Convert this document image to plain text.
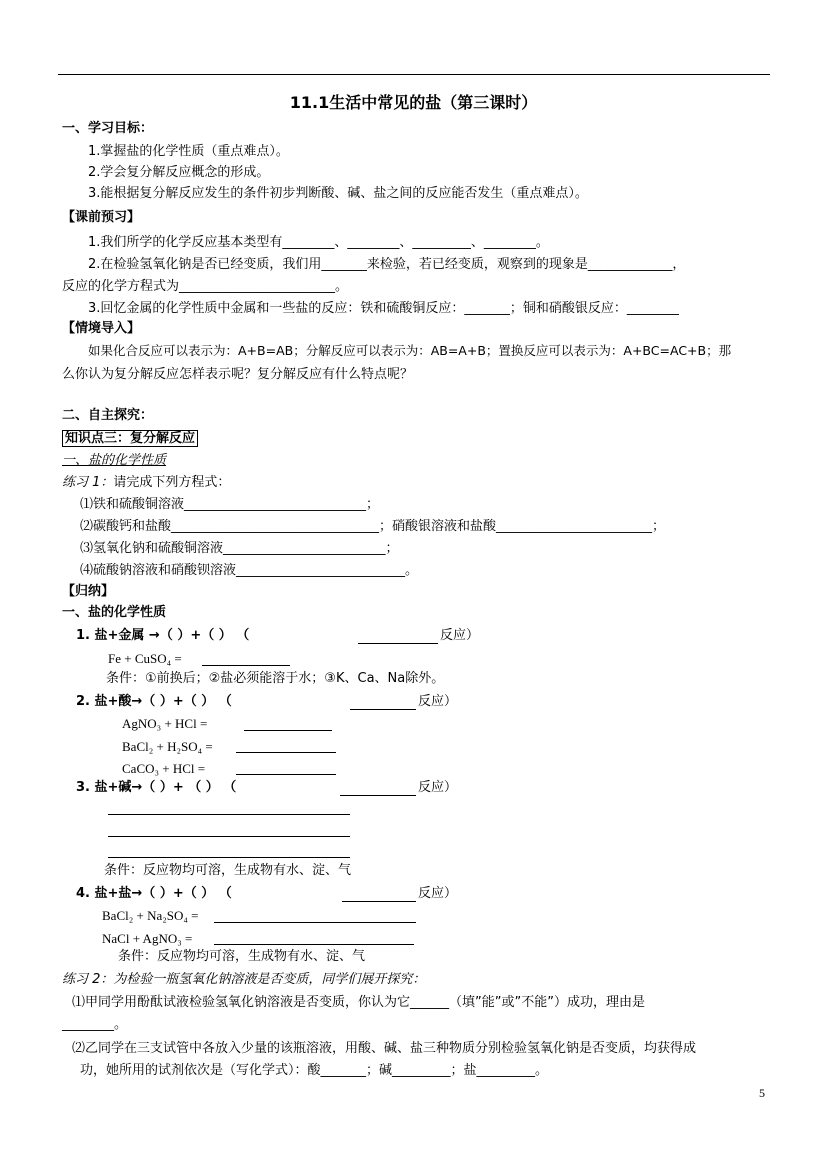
11.1生活中常见的盐（第三课时）
一、学习目标：
1.掌握盐的化学性质（重点难点）。
2.学会复分解反应概念的形成。
3.能根据复分解反应发生的条件初步判断酸、碱、盐之间的反应能否发生（重点难点）。
【课前预习】
1.我们所学的化学反应基本类型有________、________、_________、________。
2.在检验氢氧化钠是否已经变质，我们用_______来检验，若已经变质，观察到的现象是_____________，
反应的化学方程式为________________________。
3.回忆金属的化学性质中金属和一些盐的反应：铁和硫酸铜反应：_______；铜和硝酸银反应：________
【情境导入】
如果化合反应可以表示为：A+B=AB；分解反应可以表示为：AB=A+B；置换反应可以表示为：A+BC=AC+B；那
么你认为复分解反应怎样表示呢？复分解反应有什么特点呢？
二、自主探究：
知识点三：复分解反应
一、盐的化学性质
练习 1：请完成下列方程式：
⑴铁和硫酸铜溶液____________________________；
⑵碳酸钙和盐酸________________________________；硝酸银溶液和盐酸________________________；
⑶氢氧化钠和硫酸铜溶液_________________________；
⑷硫酸钠溶液和硝酸钡溶液__________________________。
【归纳】
一、盐的化学性质
1. 盐+金属 →（ ）+（ ） （	反应）
Fe + CuSO₄ =
条件：①前换后；②盐必须能溶于水；③K、Ca、Na除外。
2. 盐+酸→（ ）+（ ） （	反应）
AgNO₃ + HCl =
BaCl₂ + H₂SO₄ =
CaCO₃ + HCl =
3. 盐+碱→（ ）+ （ ） （	反应）
条件：反应物均可溶，生成物有水、淀、气
4. 盐+盐→（ ）+（ ） （	反应）
BaCl₂ + Na₂SO₄ =
NaCl + AgNO₃ =
条件：反应物均可溶，生成物有水、淀、气
练习 2：为检验一瓶氢氧化钠溶液是否变质，同学们展开探究：
⑴甲同学用酚酞试液检验氢氧化钠溶液是否变质，你认为它______（填”能”或”不能”）成功，理由是
________。
⑵乙同学在三支试管中各放入少量的该瓶溶液，用酸、碱、盐三种物质分别检验氢氧化钠是否变质，均获得成
功，她所用的试剂依次是（写化学式）：酸_______；碱_________；盐_________。
5
